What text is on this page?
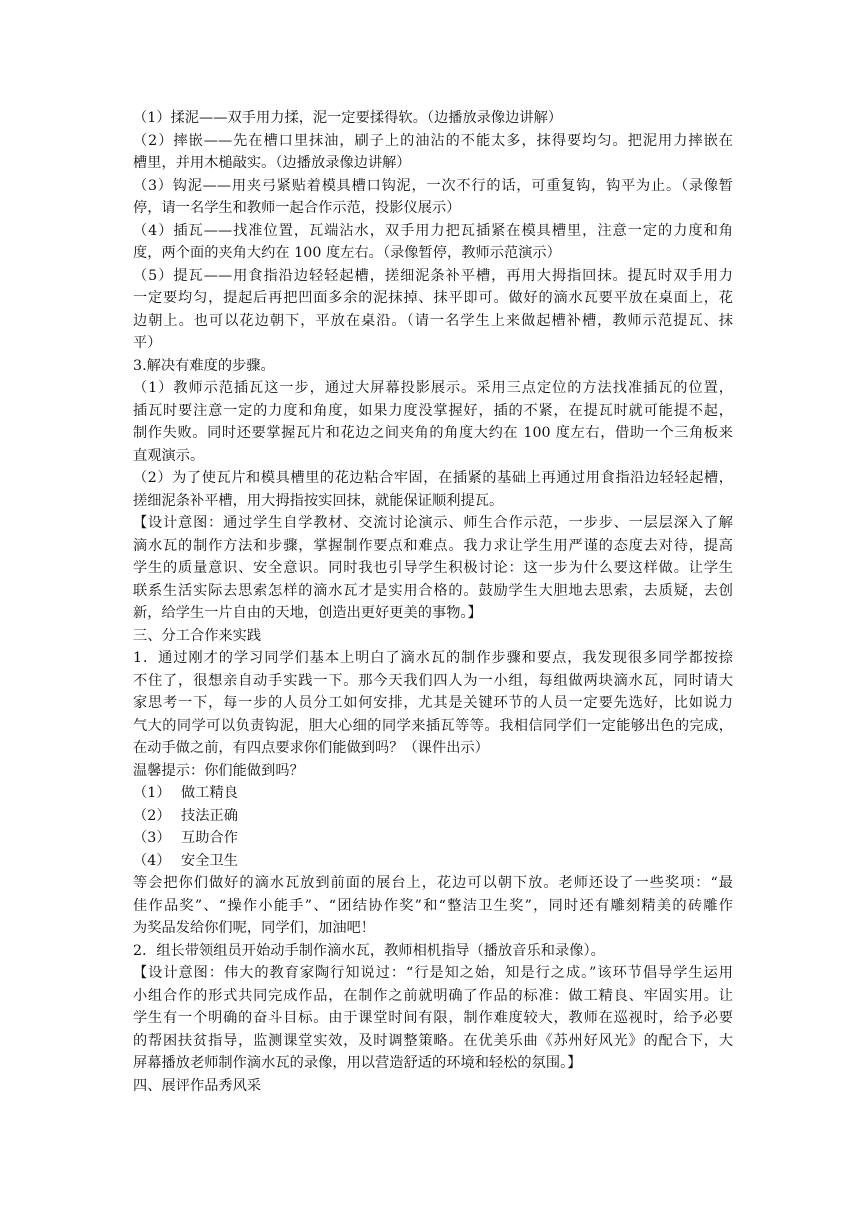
（1）揉泥——双手用力揉，泥一定要揉得软。（边播放录像边讲解）
（2）摔嵌——先在槽口里抹油，刷子上的油沾的不能太多，抹得要均匀。把泥用力摔嵌在
槽里，并用木槌敲实。（边播放录像边讲解）
（3）钩泥——用夹弓紧贴着模具槽口钩泥，一次不行的话，可重复钩，钩平为止。（录像暂
停，请一名学生和教师一起合作示范，投影仪展示）
（4）插瓦——找准位置，瓦端沾水，双手用力把瓦插紧在模具槽里，注意一定的力度和角
度，两个面的夹角大约在 100 度左右。（录像暂停，教师示范演示）
（5）提瓦——用食指沿边轻轻起槽，搓细泥条补平槽，再用大拇指回抹。提瓦时双手用力
一定要均匀，提起后再把凹面多余的泥抹掉、抹平即可。做好的滴水瓦要平放在桌面上，花
边朝上。也可以花边朝下，平放在桌沿。（请一名学生上来做起槽补槽，教师示范提瓦、抹
平）
3.解决有难度的步骤。
（1）教师示范插瓦这一步，通过大屏幕投影展示。采用三点定位的方法找准插瓦的位置，
插瓦时要注意一定的力度和角度，如果力度没掌握好，插的不紧，在提瓦时就可能提不起，
制作失败。同时还要掌握瓦片和花边之间夹角的角度大约在 100 度左右，借助一个三角板来
直观演示。
（2）为了使瓦片和模具槽里的花边粘合牢固，在插紧的基础上再通过用食指沿边轻轻起槽，
搓细泥条补平槽，用大拇指按实回抹，就能保证顺利提瓦。
【设计意图：通过学生自学教材、交流讨论演示、师生合作示范，一步步、一层层深入了解
滴水瓦的制作方法和步骤，掌握制作要点和难点。我力求让学生用严谨的态度去对待，提高
学生的质量意识、安全意识。同时我也引导学生积极讨论：这一步为什么要这样做。让学生
联系生活实际去思索怎样的滴水瓦才是实用合格的。鼓励学生大胆地去思索，去质疑，去创
新，给学生一片自由的天地，创造出更好更美的事物。】
三、分工合作来实践
1．通过刚才的学习同学们基本上明白了滴水瓦的制作步骤和要点，我发现很多同学都按捺
不住了，很想亲自动手实践一下。那今天我们四人为一小组，每组做两块滴水瓦，同时请大
家思考一下，每一步的人员分工如何安排，尤其是关键环节的人员一定要先选好，比如说力
气大的同学可以负责钩泥，胆大心细的同学来插瓦等等。我相信同学们一定能够出色的完成，
在动手做之前，有四点要求你们能做到吗？（课件出示）
温馨提示：你们能做到吗？
（1） 做工精良
（2） 技法正确
（3） 互助合作
（4） 安全卫生
等会把你们做好的滴水瓦放到前面的展台上，花边可以朝下放。老师还设了一些奖项：“最
佳作品奖”、“操作小能手”、“团结协作奖”和“整洁卫生奖”，同时还有雕刻精美的砖雕作
为奖品发给你们呢，同学们，加油吧！
2．组长带领组员开始动手制作滴水瓦，教师相机指导（播放音乐和录像）。
【设计意图：伟大的教育家陶行知说过：“行是知之始，知是行之成。”该环节倡导学生运用
小组合作的形式共同完成作品，在制作之前就明确了作品的标准：做工精良、牢固实用。让
学生有一个明确的奋斗目标。由于课堂时间有限，制作难度较大，教师在巡视时，给予必要
的帮困扶贫指导，监测课堂实效，及时调整策略。在优美乐曲《苏州好风光》的配合下，大
屏幕播放老师制作滴水瓦的录像，用以营造舒适的环境和轻松的氛围。】
四、展评作品秀风采
